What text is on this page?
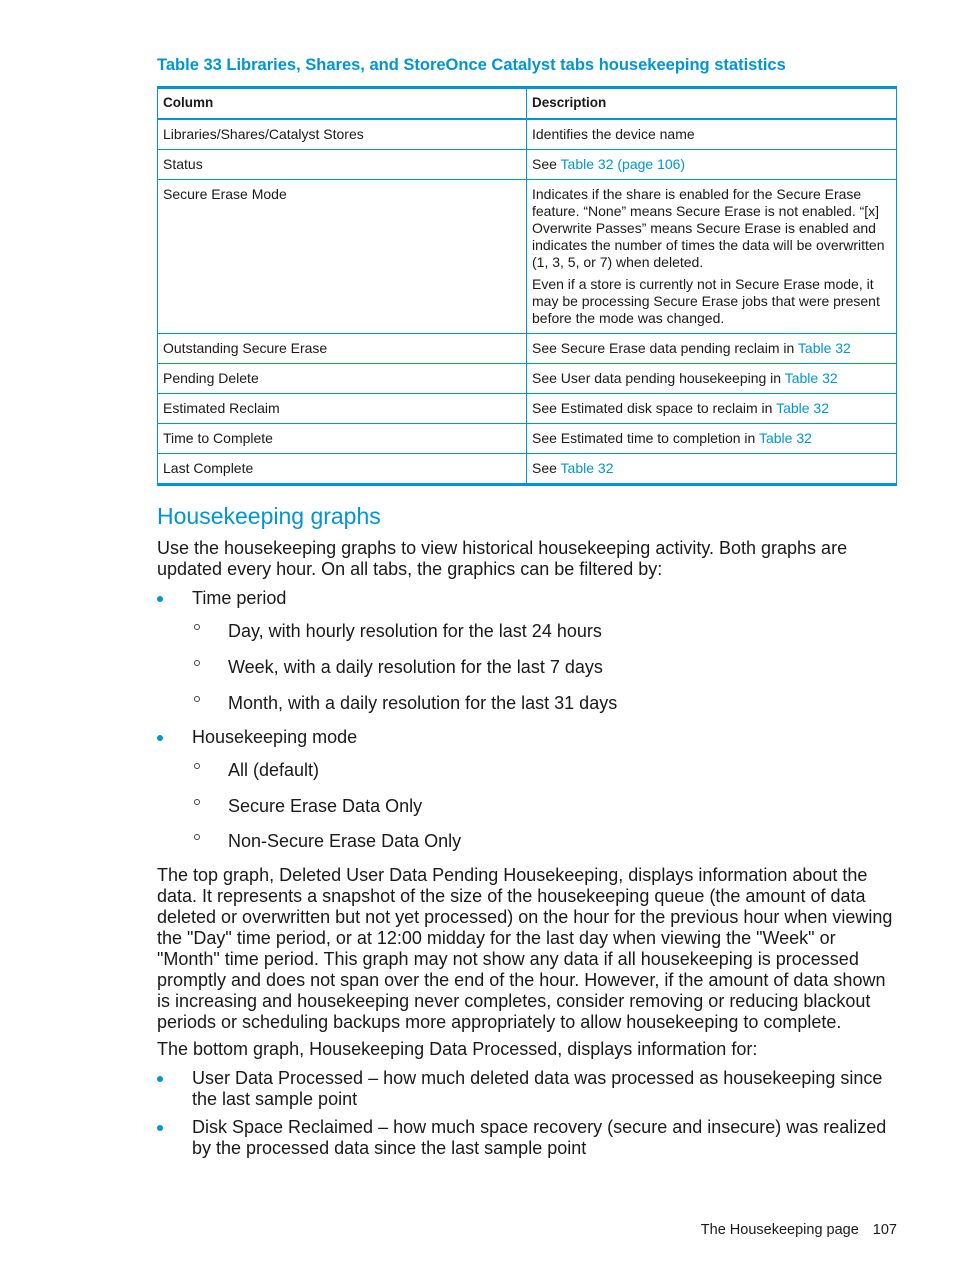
Table 33 Libraries, Shares, and StoreOnce Catalyst tabs housekeeping statistics
Column	Description
Libraries/Shares/Catalyst Stores	Identifies the device name
Status	See Table 32 (page 106)
Secure Erase Mode	Indicates if the share is enabled for the Secure Erase feature. “None” means Secure Erase is not enabled. “[x] Overwrite Passes” means Secure Erase is enabled and indicates the number of times the data will be overwritten (1, 3, 5, or 7) when deleted.

Even if a store is currently not in Secure Erase mode, it may be processing Secure Erase jobs that were present before the mode was changed.

Outstanding Secure Erase	See Secure Erase data pending reclaim in Table 32
Pending Delete	See User data pending housekeeping in Table 32
Estimated Reclaim	See Estimated disk space to reclaim in Table 32
Time to Complete	See Estimated time to completion in Table 32
Last Complete	See Table 32
Housekeeping graphs

Use the housekeeping graphs to view historical housekeeping activity. Both graphs are updated every hour. On all tabs, the graphics can be filtered by:

Time period
Day, with hourly resolution for the last 24 hours
Week, with a daily resolution for the last 7 days
Month, with a daily resolution for the last 31 days
Housekeeping mode
All (default)
Secure Erase Data Only
Non-Secure Erase Data Only

The top graph, Deleted User Data Pending Housekeeping, displays information about the data. It represents a snapshot of the size of the housekeeping queue (the amount of data deleted or overwritten but not yet processed) on the hour for the previous hour when viewing the "Day" time period, or at 12:00 midday for the last day when viewing the "Week" or "Month" time period. This graph may not show any data if all housekeeping is processed promptly and does not span over the end of the hour. However, if the amount of data shown is increasing and housekeeping never completes, consider removing or reducing blackout periods or scheduling backups more appropriately to allow housekeeping to complete.

The bottom graph, Housekeeping Data Processed, displays information for:

User Data Processed – how much deleted data was processed as housekeeping since the last sample point
Disk Space Reclaimed – how much space recovery (secure and insecure) was realized by the processed data since the last sample point
The Housekeeping page 107
